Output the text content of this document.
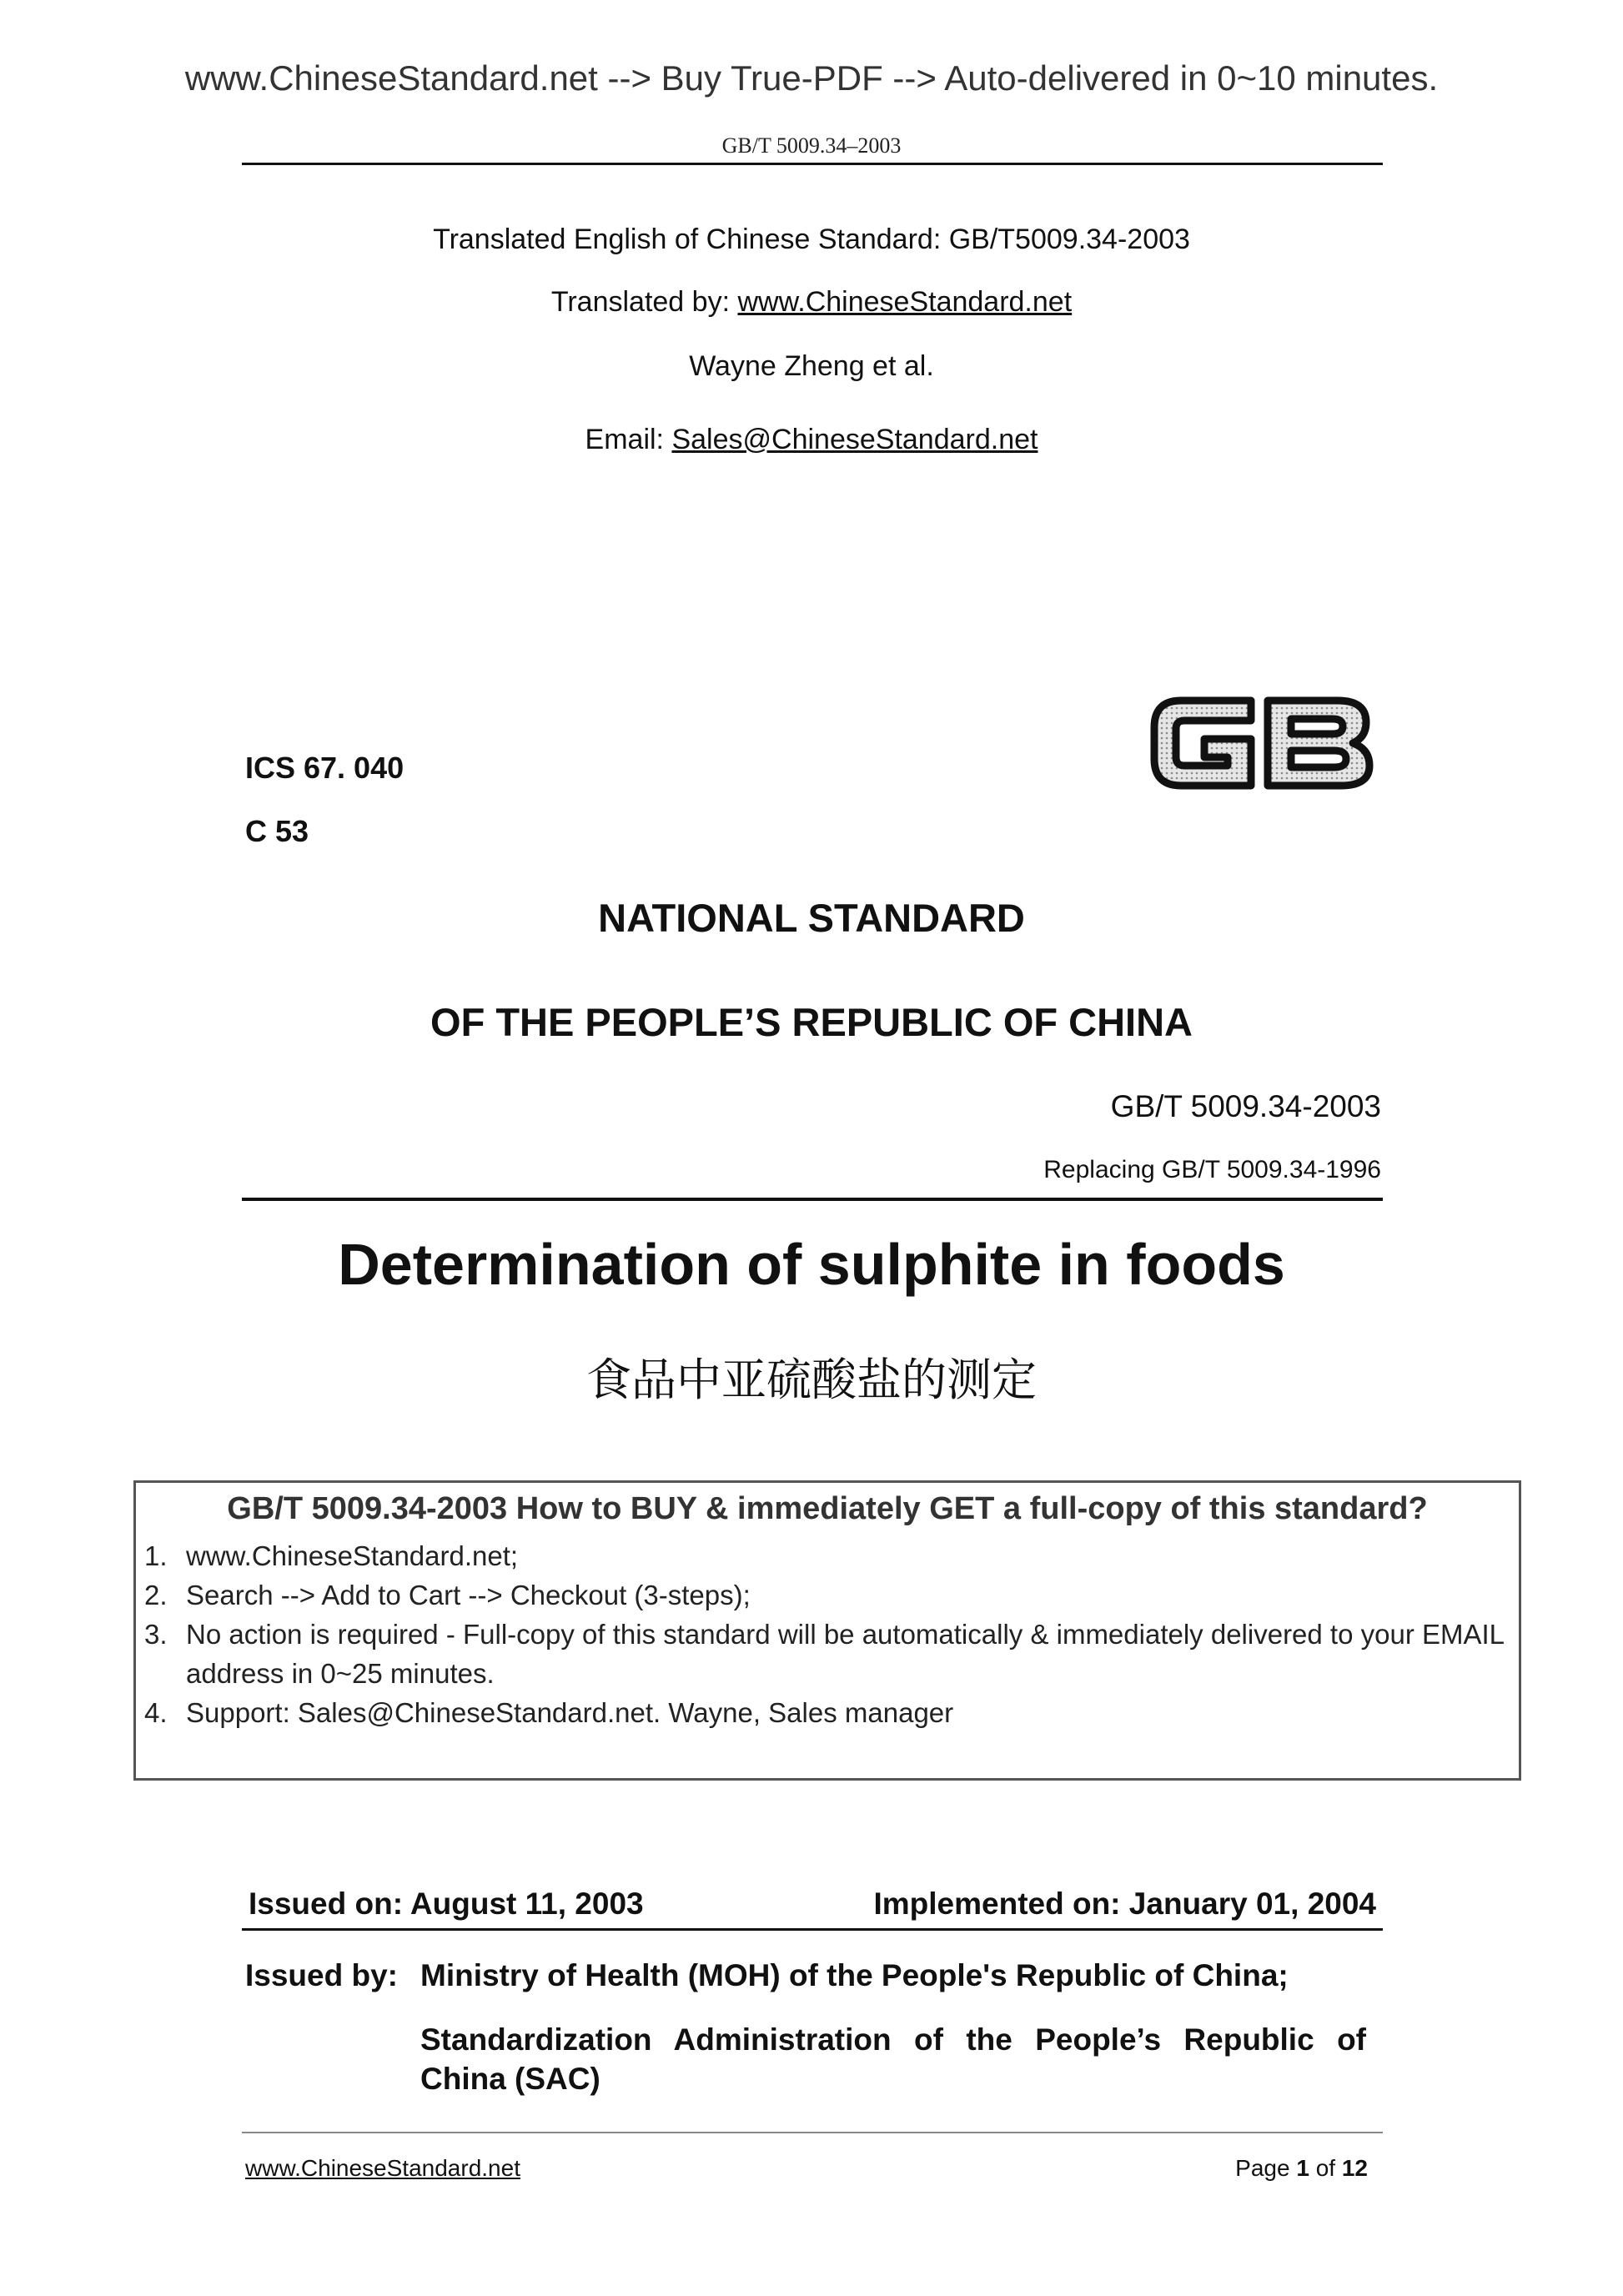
www.ChineseStandard.net --> Buy True-PDF --> Auto-delivered in 0~10 minutes.
GB/T 5009.34–2003
Translated English of Chinese Standard: GB/T5009.34-2003
Translated by: www.ChineseStandard.net
Wayne Zheng et al.
Email: Sales@ChineseStandard.net
ICS 67. 040
C 53
NATIONAL STANDARD
OF THE PEOPLE’S REPUBLIC OF CHINA
GB/T 5009.34-2003
Replacing GB/T 5009.34-1996
Determination of sulphite in foods
食品中亚硫酸盐的测定
GB/T 5009.34-2003 How to BUY & immediately GET a full-copy of this standard?
1. www.ChineseStandard.net;
2. Search --> Add to Cart --> Checkout (3-steps);
3. No action is required - Full-copy of this standard will be automatically & immediately delivered to your EMAIL address in 0~25 minutes.
4. Support: Sales@ChineseStandard.net. Wayne, Sales manager
Issued on: August 11, 2003	Implemented on: January 01, 2004
Issued by: Ministry of Health (MOH) of the People's Republic of China;
Standardization Administration of the People’s Republic of China (SAC)
www.ChineseStandard.net	Page 1 of 12
